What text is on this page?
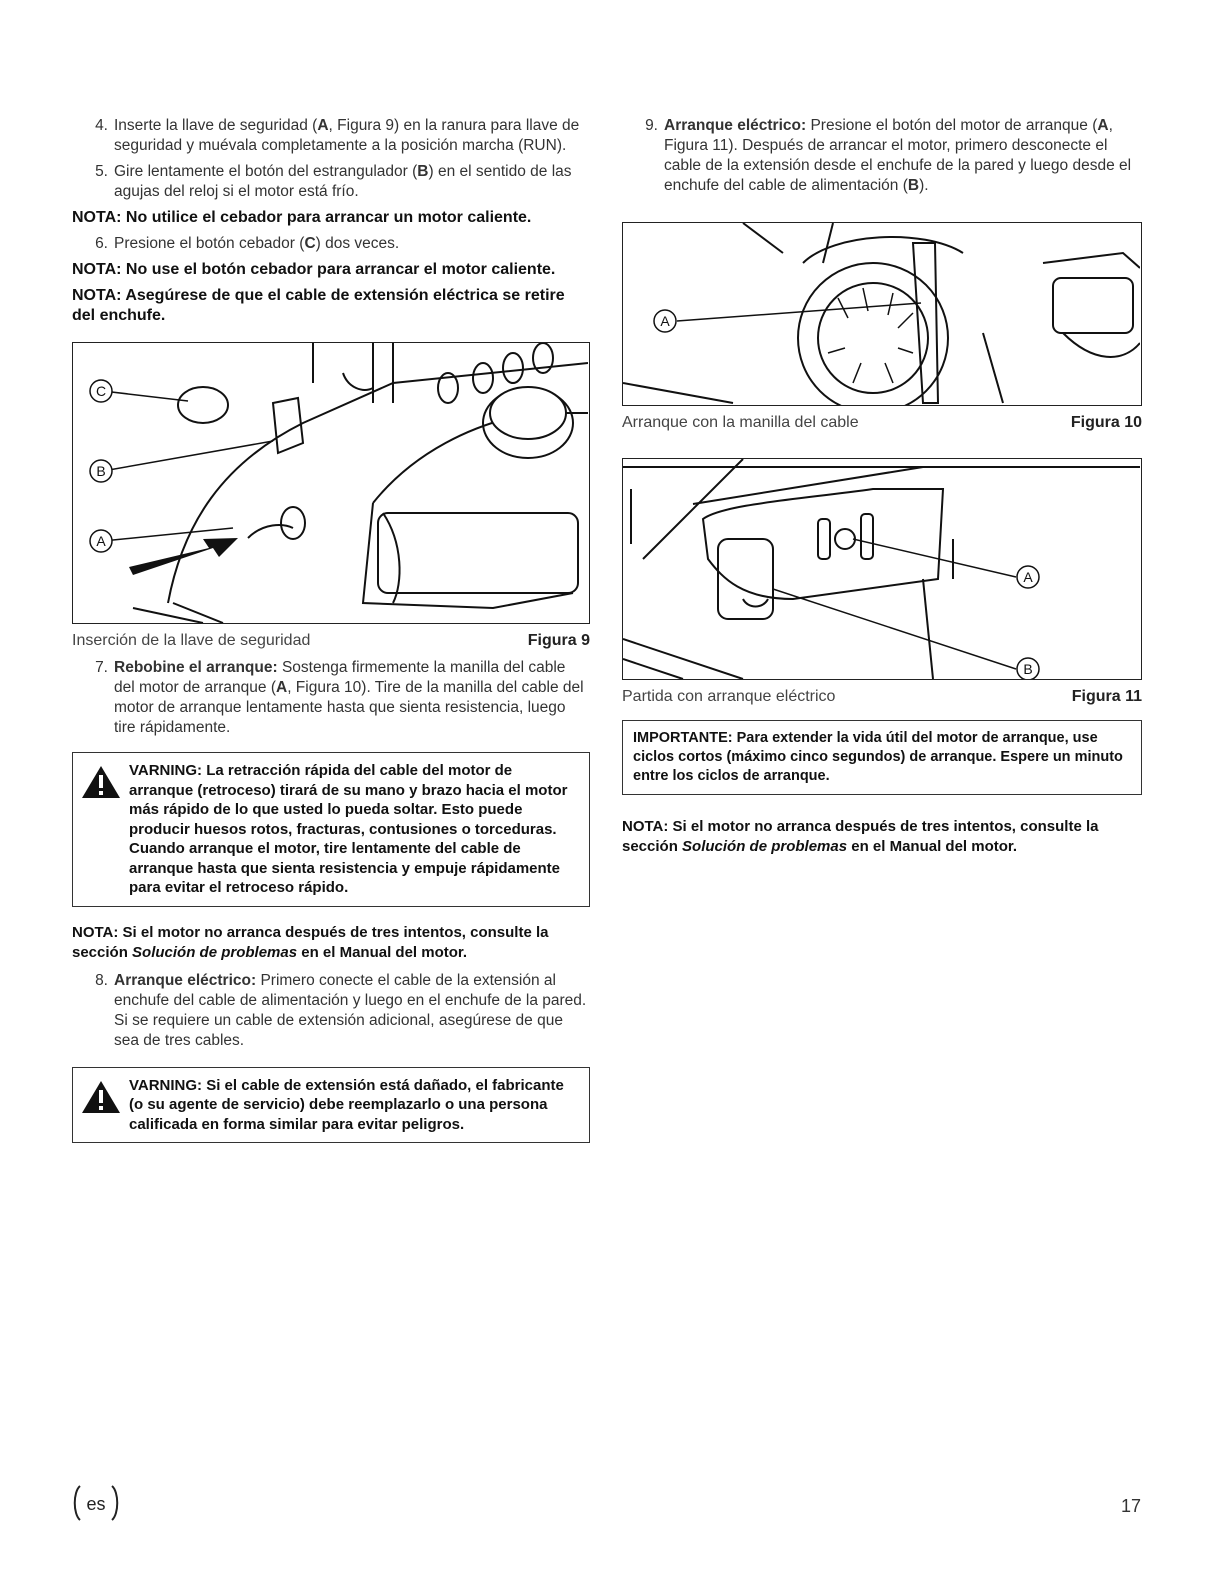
4. Inserte la llave de seguridad (A, Figura 9) en la ranura para llave de seguridad y muévala completamente a la posición marcha (RUN).
5. Gire lentamente el botón del estrangulador (B) en el sentido de las agujas del reloj si el motor está frío.

NOTA: No utilice el cebador para arrancar un motor caliente.

6. Presione el botón cebador (C) dos veces.

NOTA: No use el botón cebador para arrancar el motor caliente.

NOTA: Asegúrese de que el cable de extensión eléctrica se retire del enchufe.

C
B
A
Inserción de la llave de seguridad	Figura 9
7. Rebobine el arranque: Sostenga firmemente la manilla del cable del motor de arranque (A, Figura 10). Tire de la manilla del cable del motor de arranque lentamente hasta que sienta resistencia, luego tire rápidamente.
VARNING: La retracción rápida del cable del motor de arranque (retroceso) tirará de su mano y brazo hacia el motor más rápido de lo que usted lo pueda soltar. Esto puede producir huesos rotos, fracturas, contusiones o torceduras. Cuando arranque el motor, tire lentamente del cable de arranque hasta que sienta resistencia y empuje rápidamente para evitar el retroceso rápido.

NOTA: Si el motor no arranca después de tres intentos, consulte la sección Solución de problemas en el Manual del motor.

8. Arranque eléctrico: Primero conecte el cable de la extensión al enchufe del cable de alimentación y luego en el enchufe de la pared. Si se requiere un cable de extensión adicional, asegúrese de que sea de tres cables.
VARNING: Si el cable de extensión está dañado, el fabricante (o su agente de servicio) debe reemplazarlo o una persona calificada en forma similar para evitar peligros.
9. Arranque eléctrico: Presione el botón del motor de arranque (A, Figura 11). Después de arrancar el motor, primero desconecte el cable de la extensión desde el enchufe de la pared y luego desde el enchufe del cable de alimentación (B).
A
Arranque con la manilla del cable	Figura 10
A
B
Partida con arranque eléctrico	Figura 11
IMPORTANTE: Para extender la vida útil del motor de arranque, use ciclos cortos (máximo cinco segundos) de arranque. Espere un minuto entre los ciclos de arranque.

NOTA: Si el motor no arranca después de tres intentos, consulte la sección Solución de problemas en el Manual del motor.

es	17
